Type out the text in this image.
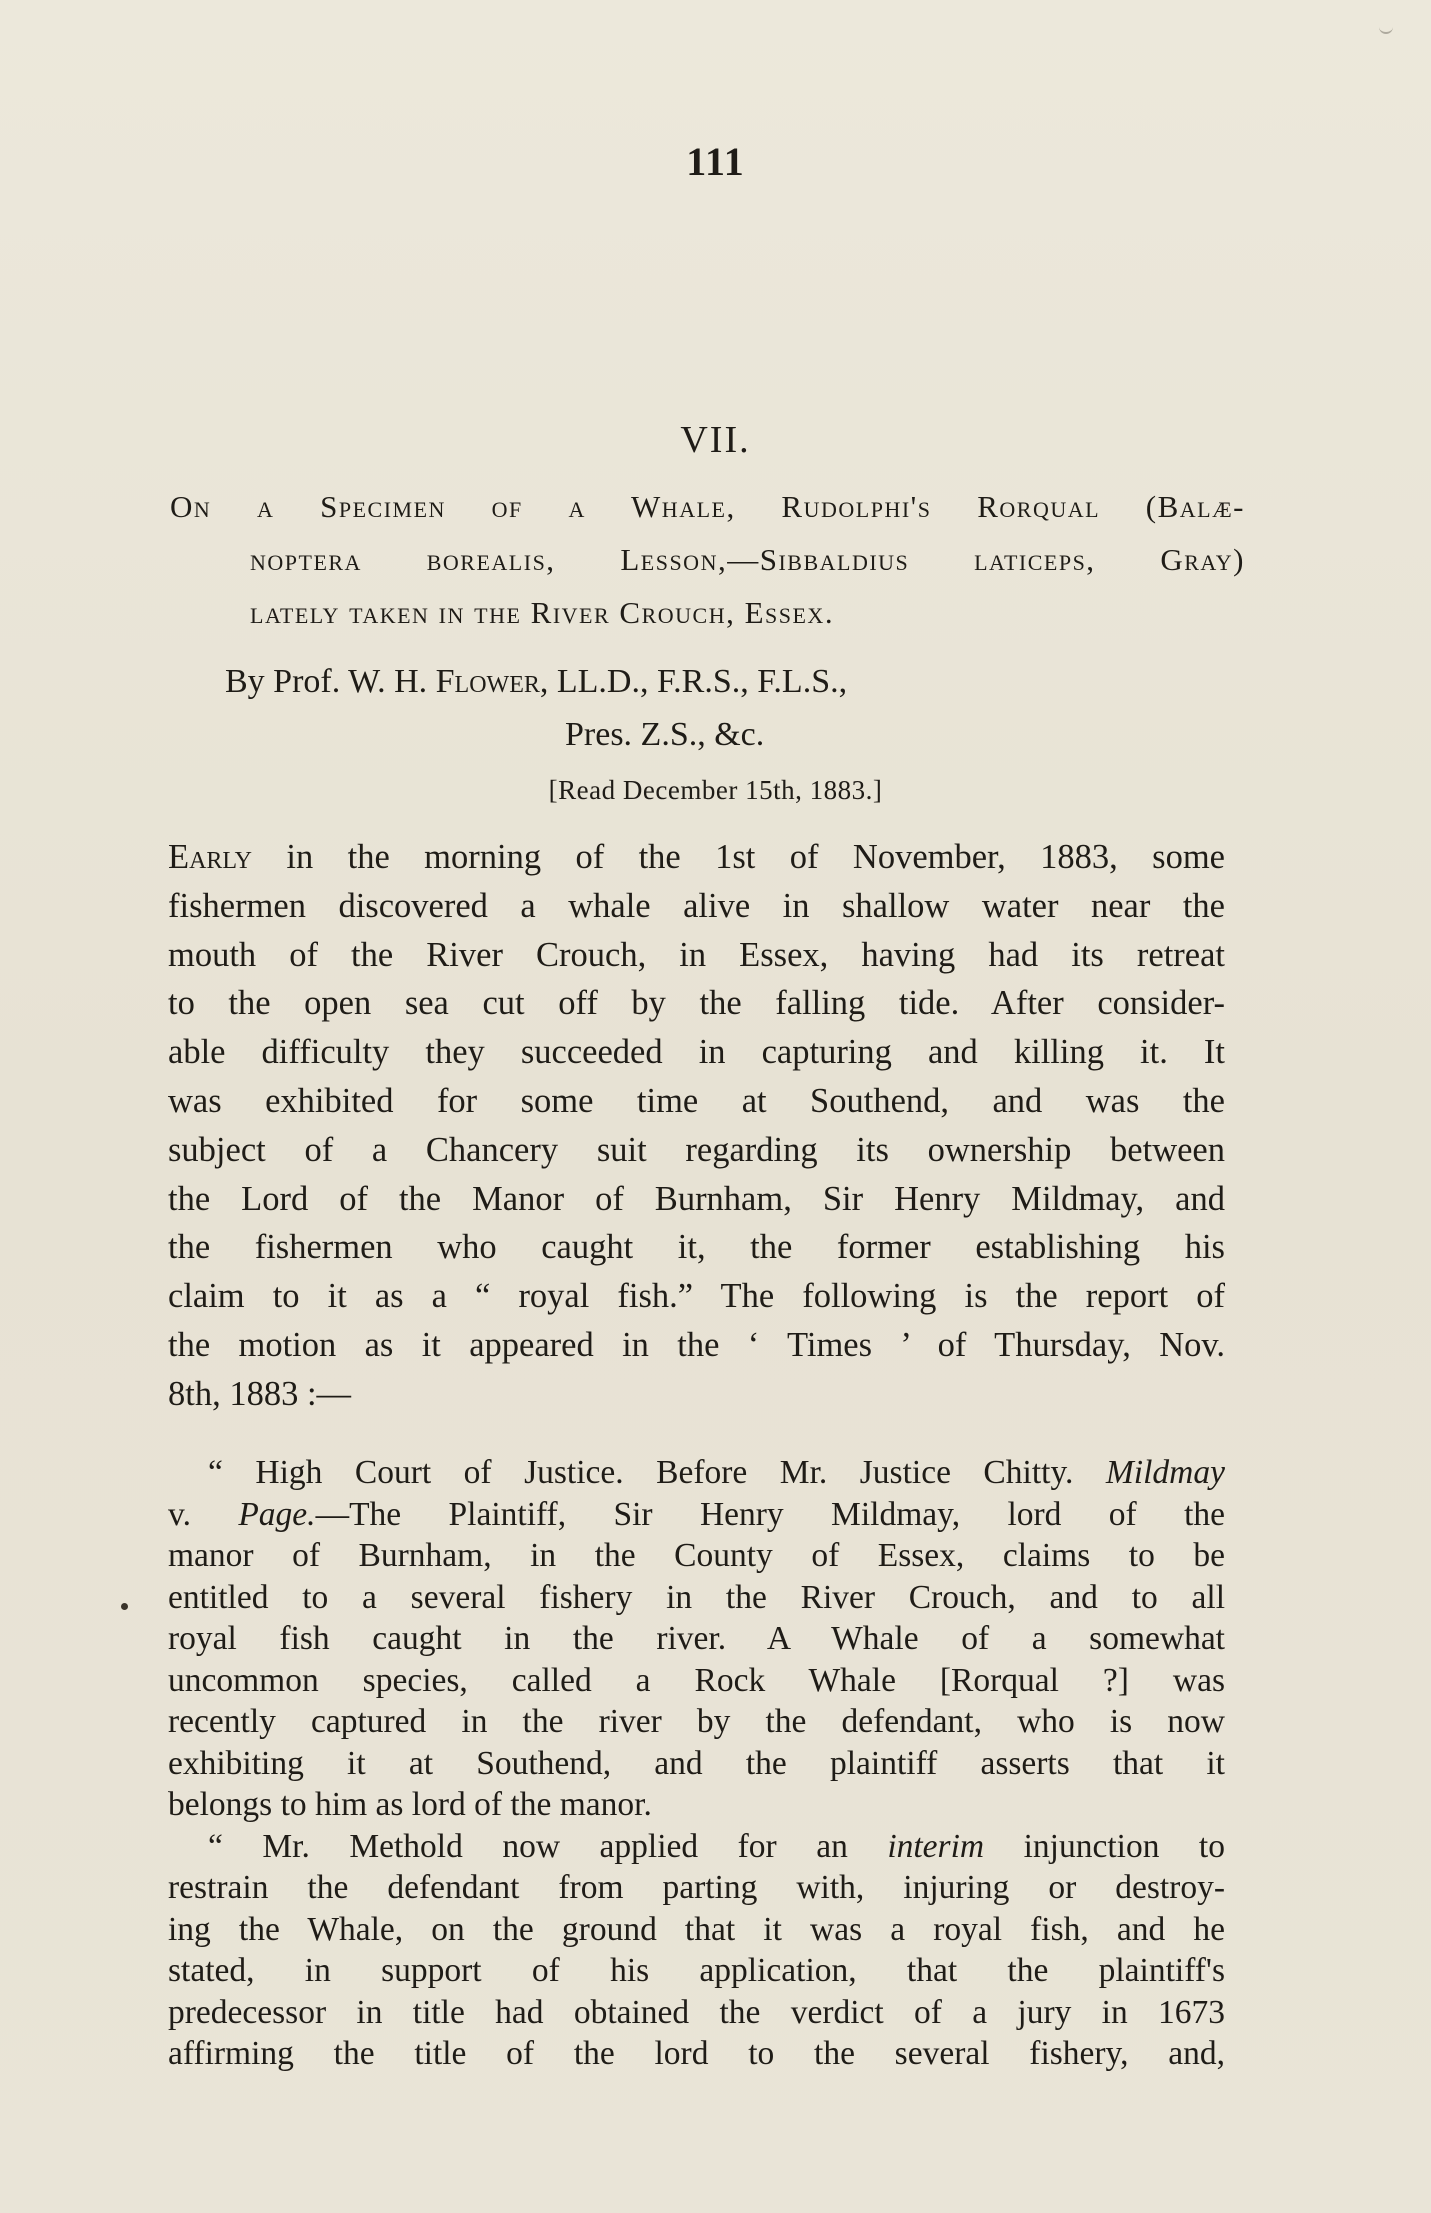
111
VII.
On a Specimen of a Whale, Rudolphi's Rorqual (Balæ-
noptera borealis, Lesson,—Sibbaldius laticeps, Gray)
lately taken in the River Crouch, Essex.
By Prof. W. H. Flower, LL.D., F.R.S., F.L.S.,
Pres. Z.S., &c.
[Read December 15th, 1883.]
Early in the morning of the 1st of November, 1883, some
fishermen discovered a whale alive in shallow water near the
mouth of the River Crouch, in Essex, having had its retreat
to the open sea cut off by the falling tide. After consider-
able difficulty they succeeded in capturing and killing it. It
was exhibited for some time at Southend, and was the
subject of a Chancery suit regarding its ownership between
the Lord of the Manor of Burnham, Sir Henry Mildmay, and
the fishermen who caught it, the former establishing his
claim to it as a “ royal fish.” The following is the report of
the motion as it appeared in the ‘ Times ’ of Thursday, Nov.
8th, 1883 :—
“ High Court of Justice. Before Mr. Justice Chitty. Mildmay
v. Page.—The Plaintiff, Sir Henry Mildmay, lord of the
manor of Burnham, in the County of Essex, claims to be
entitled to a several fishery in the River Crouch, and to all
royal fish caught in the river. A Whale of a somewhat
uncommon species, called a Rock Whale [Rorqual ?] was
recently captured in the river by the defendant, who is now
exhibiting it at Southend, and the plaintiff asserts that it
belongs to him as lord of the manor.
“ Mr. Methold now applied for an interim injunction to
restrain the defendant from parting with, injuring or destroy-
ing the Whale, on the ground that it was a royal fish, and he
stated, in support of his application, that the plaintiff's
predecessor in title had obtained the verdict of a jury in 1673
affirming the title of the lord to the several fishery, and,
